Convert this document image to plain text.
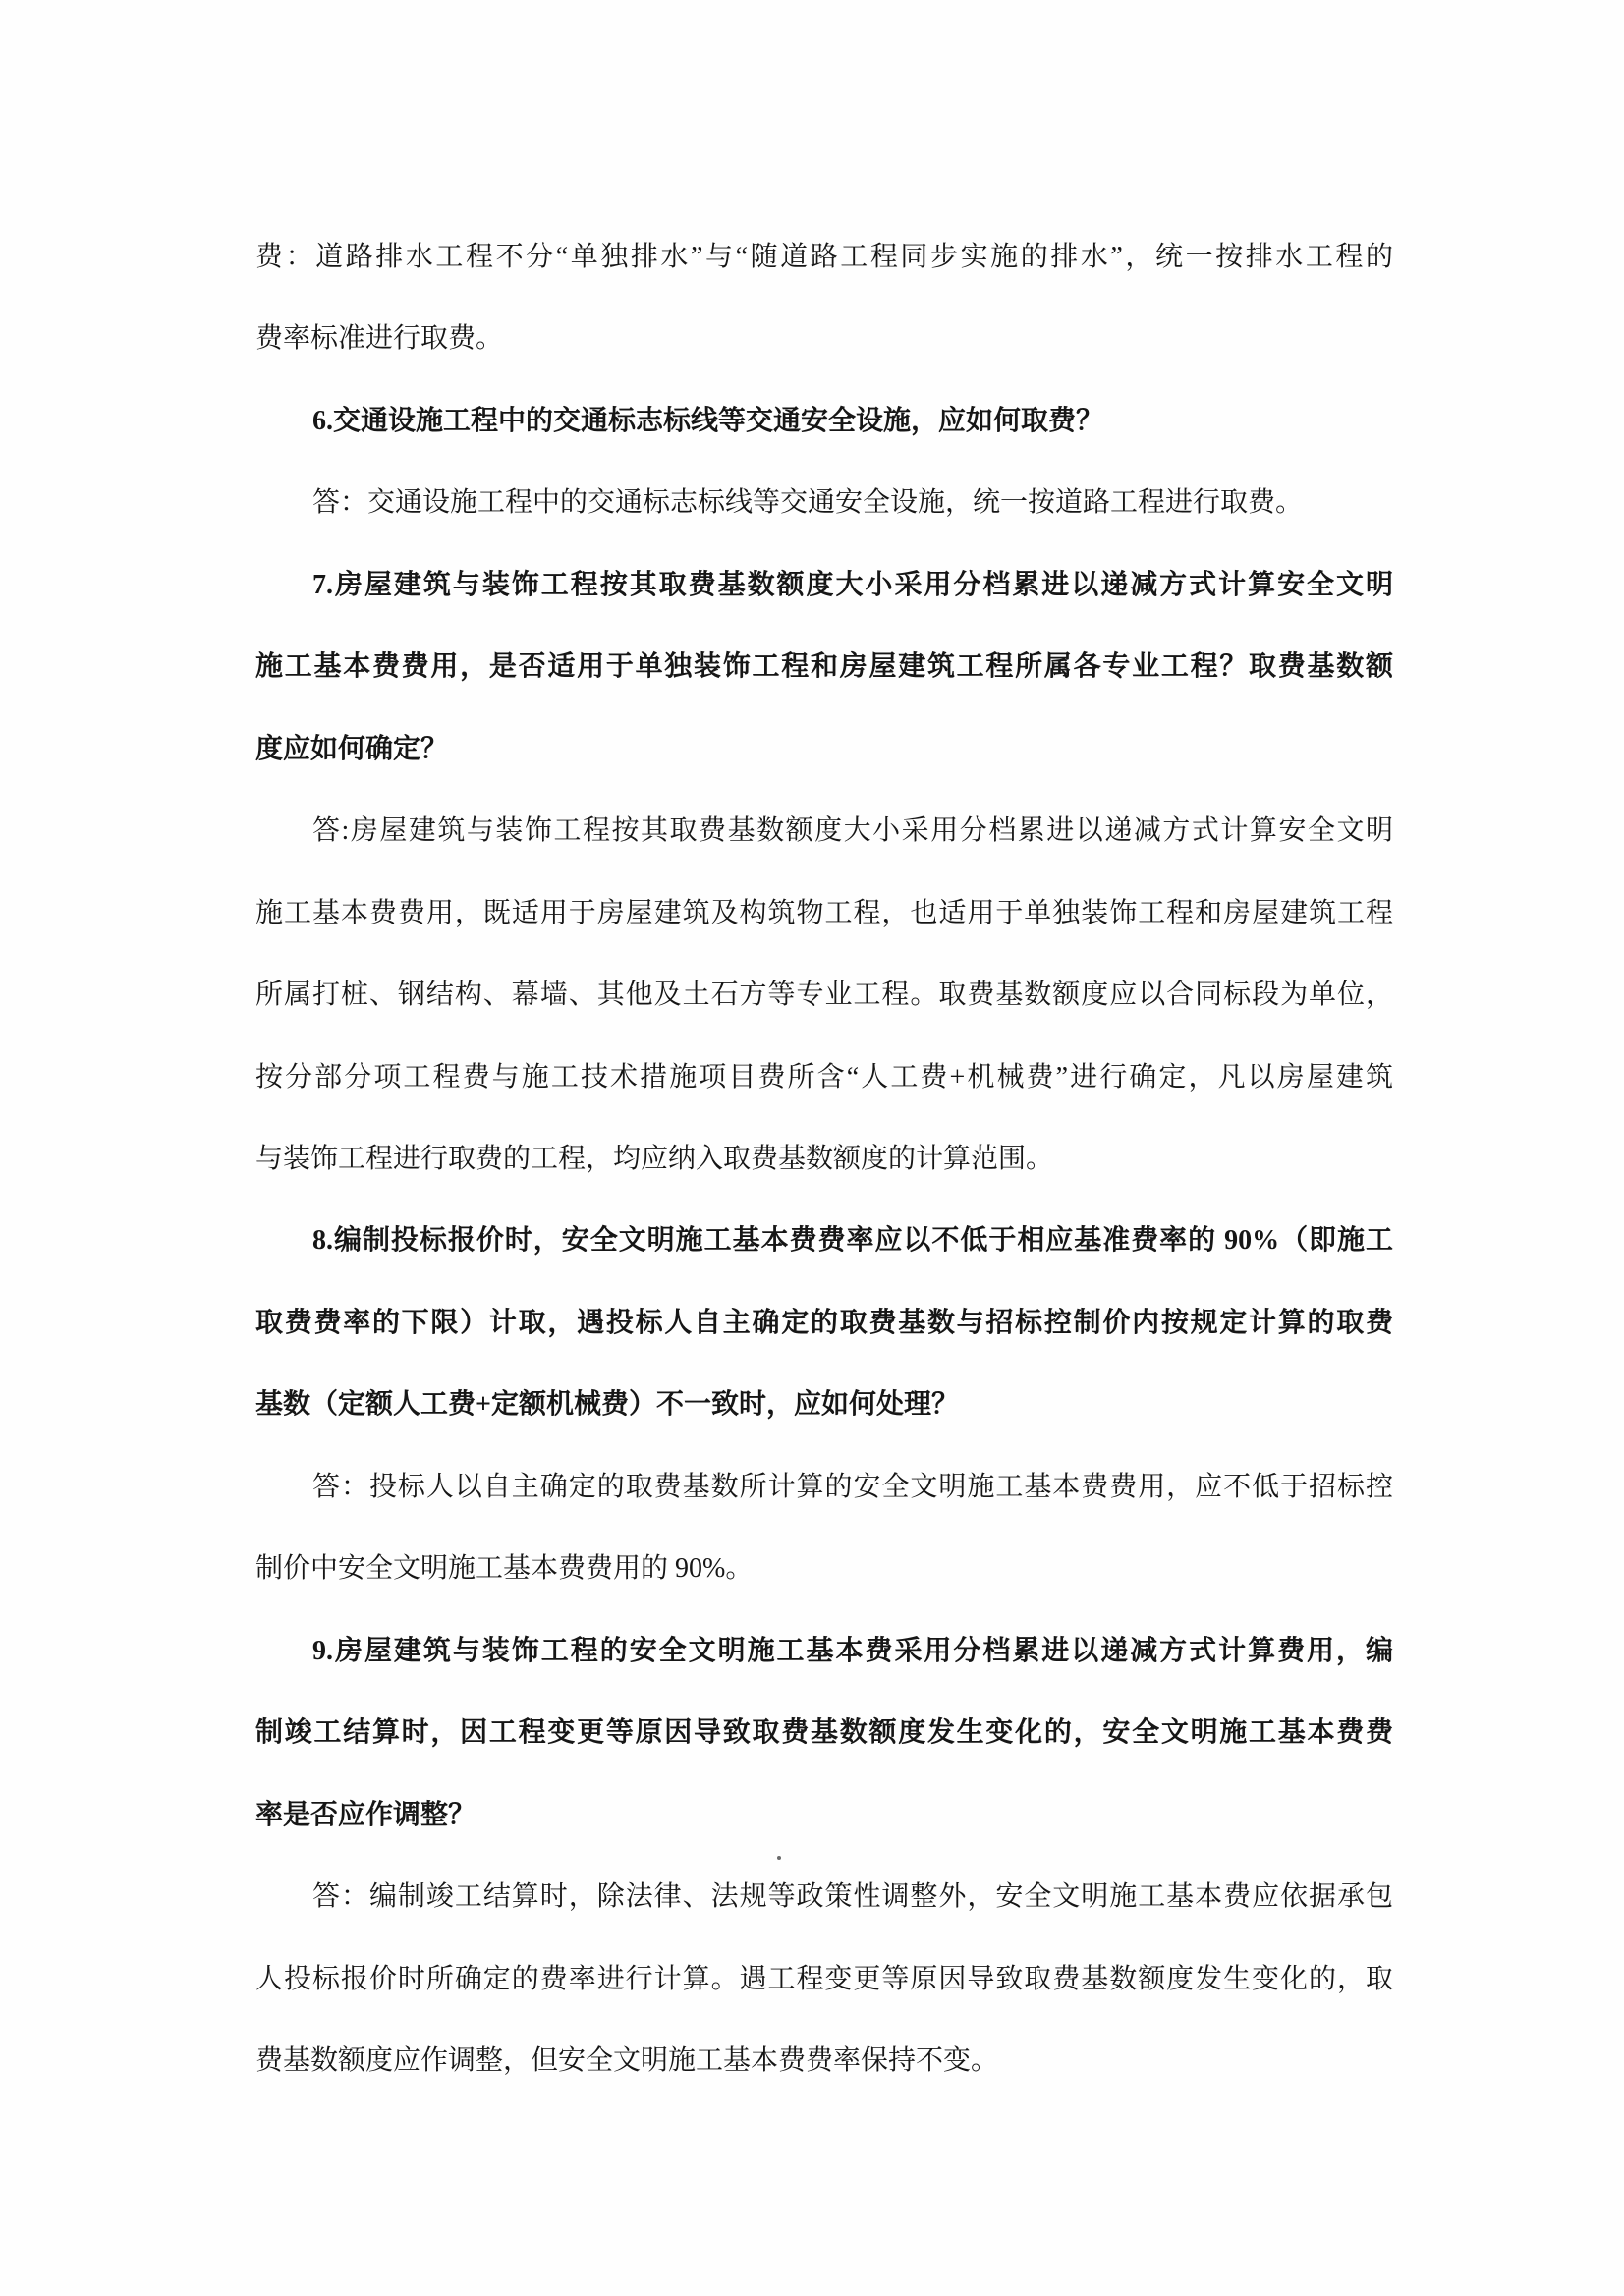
费：道路排水工程不分“单独排水”与“随道路工程同步实施的排水”，统一按排水工程的
费率标准进行取费。
6.交通设施工程中的交通标志标线等交通安全设施，应如何取费？
答：交通设施工程中的交通标志标线等交通安全设施，统一按道路工程进行取费。
7.房屋建筑与装饰工程按其取费基数额度大小采用分档累进以递减方式计算安全文明
施工基本费费用，是否适用于单独装饰工程和房屋建筑工程所属各专业工程？取费基数额
度应如何确定？
答:房屋建筑与装饰工程按其取费基数额度大小采用分档累进以递减方式计算安全文明
施工基本费费用，既适用于房屋建筑及构筑物工程，也适用于单独装饰工程和房屋建筑工程
所属打桩、钢结构、幕墙、其他及土石方等专业工程。取费基数额度应以合同标段为单位，
按分部分项工程费与施工技术措施项目费所含“人工费+机械费”进行确定，凡以房屋建筑
与装饰工程进行取费的工程，均应纳入取费基数额度的计算范围。
8.编制投标报价时，安全文明施工基本费费率应以不低于相应基准费率的 90%（即施工
取费费率的下限）计取，遇投标人自主确定的取费基数与招标控制价内按规定计算的取费
基数（定额人工费+定额机械费）不一致时，应如何处理？
答：投标人以自主确定的取费基数所计算的安全文明施工基本费费用，应不低于招标控
制价中安全文明施工基本费费用的 90%。
9.房屋建筑与装饰工程的安全文明施工基本费采用分档累进以递减方式计算费用，编
制竣工结算时，因工程变更等原因导致取费基数额度发生变化的，安全文明施工基本费费
率是否应作调整？
答：编制竣工结算时，除法律、法规等政策性调整外，安全文明施工基本费应依据承包
人投标报价时所确定的费率进行计算。遇工程变更等原因导致取费基数额度发生变化的，取
费基数额度应作调整，但安全文明施工基本费费率保持不变。
